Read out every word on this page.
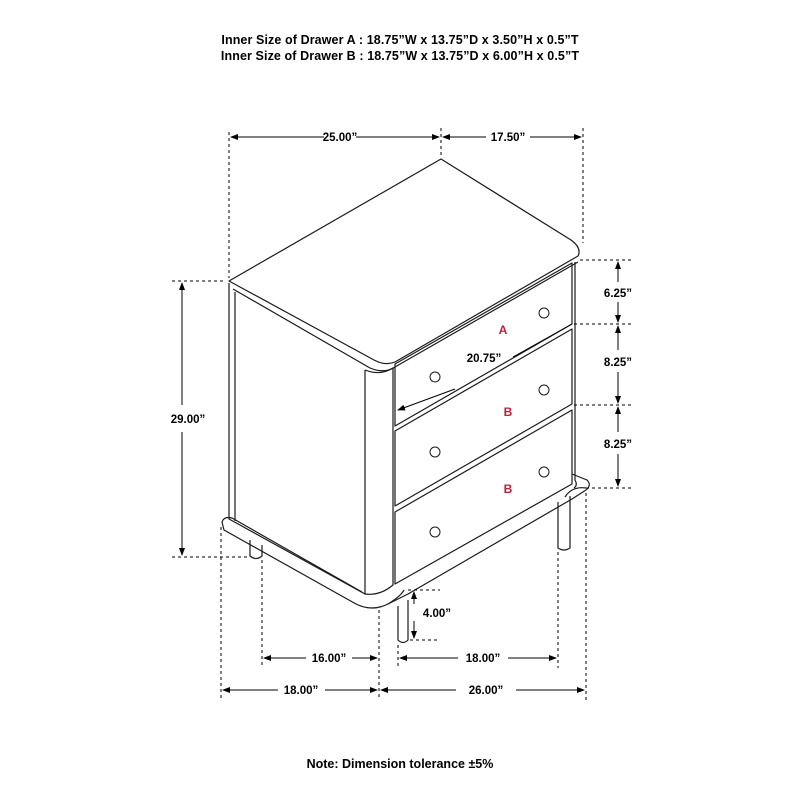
Inner Size of Drawer A : 18.75”W x 13.75”D x 3.50”H x 0.5”T
Inner Size of Drawer B : 18.75”W x 13.75”D x 6.00”H x 0.5”T
A
B
B
25.00”	17.50”
29.00”
6.25”
8.25”
8.25”
20.75”
4.00”
16.00”	18.00”
18.00”	26.00”
Note: Dimension tolerance ±5%
